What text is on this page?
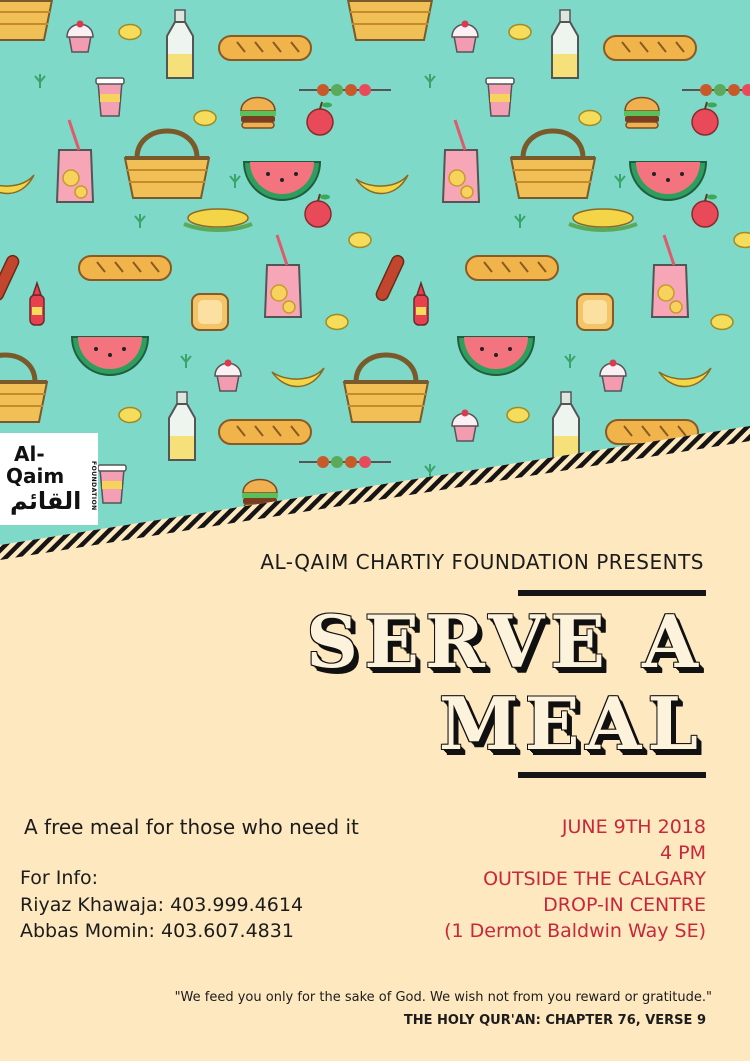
Al-
Qaim
القائم FOUNDATION
AL-QAIM CHARTIY FOUNDATION PRESENTS
SERVE A
MEAL
A free meal for those who need it
For Info:
Riyaz Khawaja: 403.999.4614
Abbas Momin: 403.607.4831
JUNE 9TH 2018
4 PM
OUTSIDE THE CALGARY
DROP-IN CENTRE
(1 Dermot Baldwin Way SE)
"We feed you only for the sake of God. We wish not from you reward or gratitude."
THE HOLY QUR'AN: CHAPTER 76, VERSE 9
